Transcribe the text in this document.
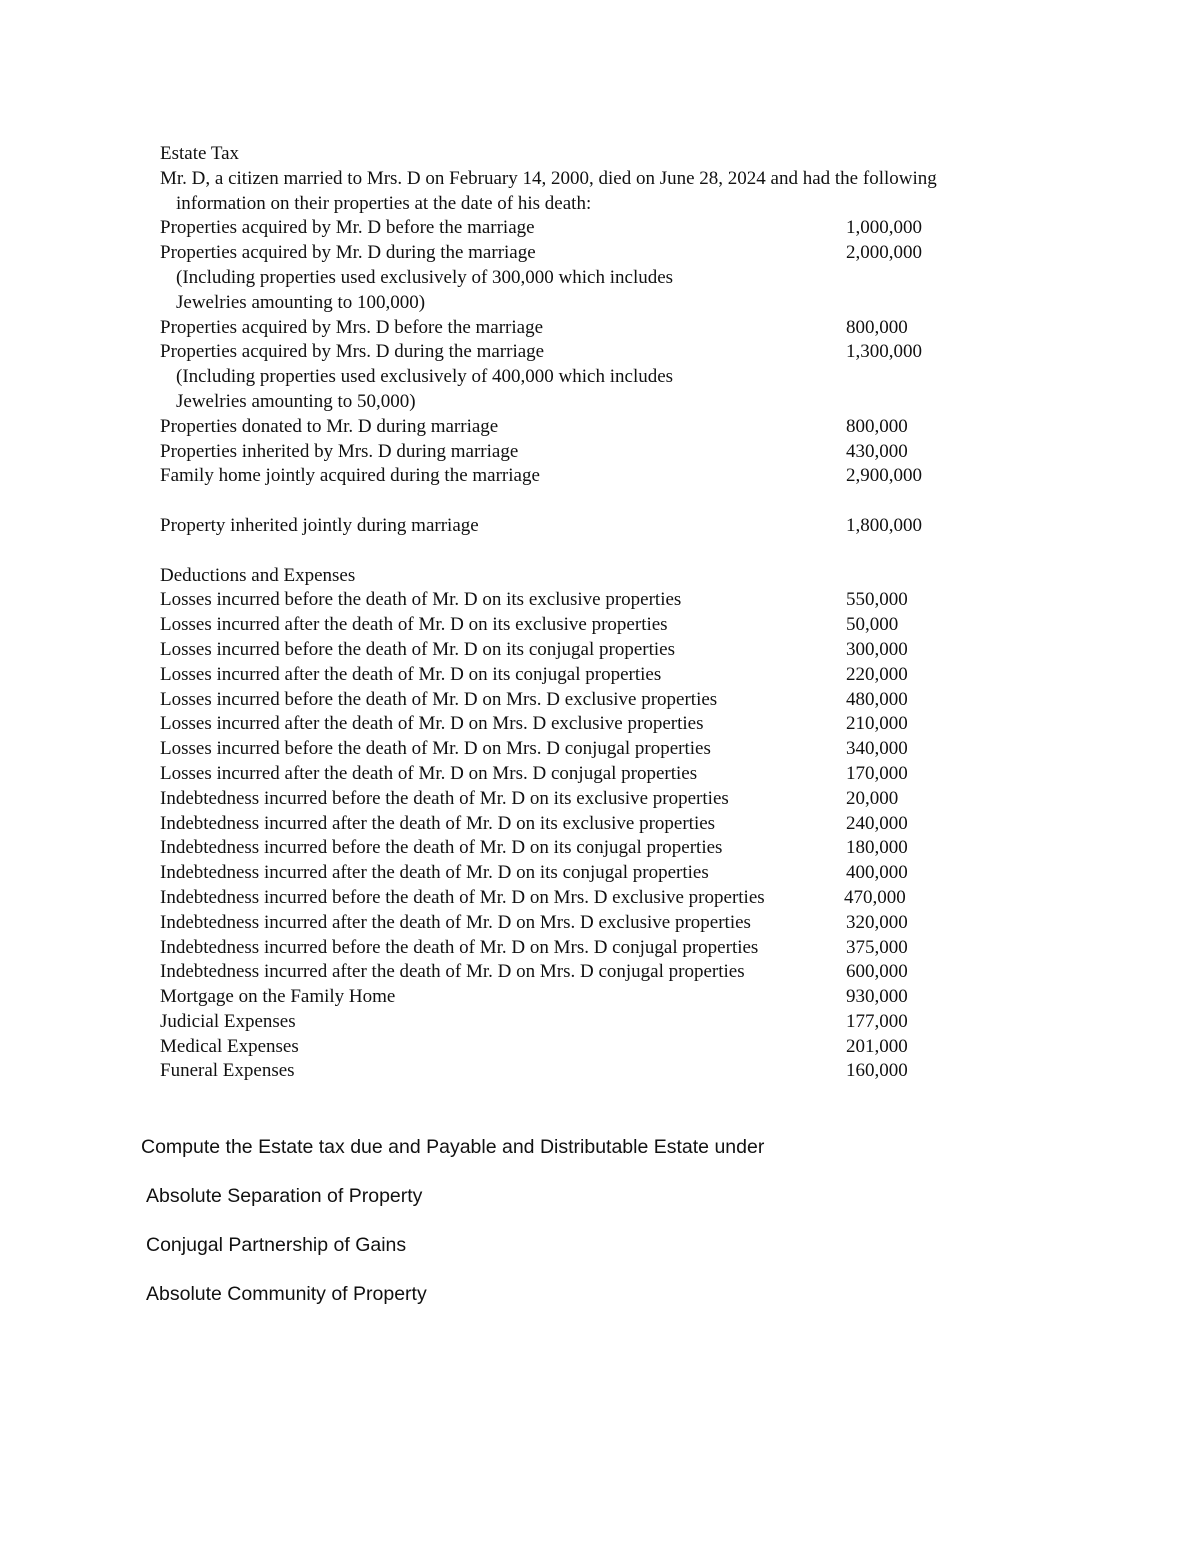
Estate Tax
Mr. D, a citizen married to Mrs. D on February 14, 2000, died on June 28, 2024 and had the following
information on their properties at the date of his death:
Properties acquired by Mr. D before the marriage	1,000,000
Properties acquired by Mr. D during the marriage	2,000,000
(Including properties used exclusively of 300,000 which includes
Jewelries amounting to 100,000)
Properties acquired by Mrs. D before the marriage	800,000
Properties acquired by Mrs. D during the marriage	1,300,000
(Including properties used exclusively of 400,000 which includes
Jewelries amounting to 50,000)
Properties donated to Mr. D during marriage	800,000
Properties inherited by Mrs. D during marriage	430,000
Family home jointly acquired during the marriage	2,900,000
Property inherited jointly during marriage	1,800,000
Deductions and Expenses
Losses incurred before the death of Mr. D on its exclusive properties	550,000
Losses incurred after the death of Mr. D on its exclusive properties	50,000
Losses incurred before the death of Mr. D on its conjugal properties	300,000
Losses incurred after the death of Mr. D on its conjugal properties	220,000
Losses incurred before the death of Mr. D on Mrs. D exclusive properties	480,000
Losses incurred after the death of Mr. D on Mrs. D exclusive properties	210,000
Losses incurred before the death of Mr. D on Mrs. D conjugal properties	340,000
Losses incurred after the death of Mr. D on Mrs. D conjugal properties	170,000
Indebtedness incurred before the death of Mr. D on its exclusive properties	20,000
Indebtedness incurred after the death of Mr. D on its exclusive properties	240,000
Indebtedness incurred before the death of Mr. D on its conjugal properties	180,000
Indebtedness incurred after the death of Mr. D on its conjugal properties	400,000
Indebtedness incurred before the death of Mr. D on Mrs. D exclusive properties	470,000
Indebtedness incurred after the death of Mr. D on Mrs. D exclusive properties	320,000
Indebtedness incurred before the death of Mr. D on Mrs. D conjugal properties	375,000
Indebtedness incurred after the death of Mr. D on Mrs. D conjugal properties	600,000
Mortgage on the Family Home	930,000
Judicial Expenses	177,000
Medical Expenses	201,000
Funeral Expenses	160,000
Compute the Estate tax due and Payable and Distributable Estate under
Absolute Separation of Property
Conjugal Partnership of Gains
Absolute Community of Property
